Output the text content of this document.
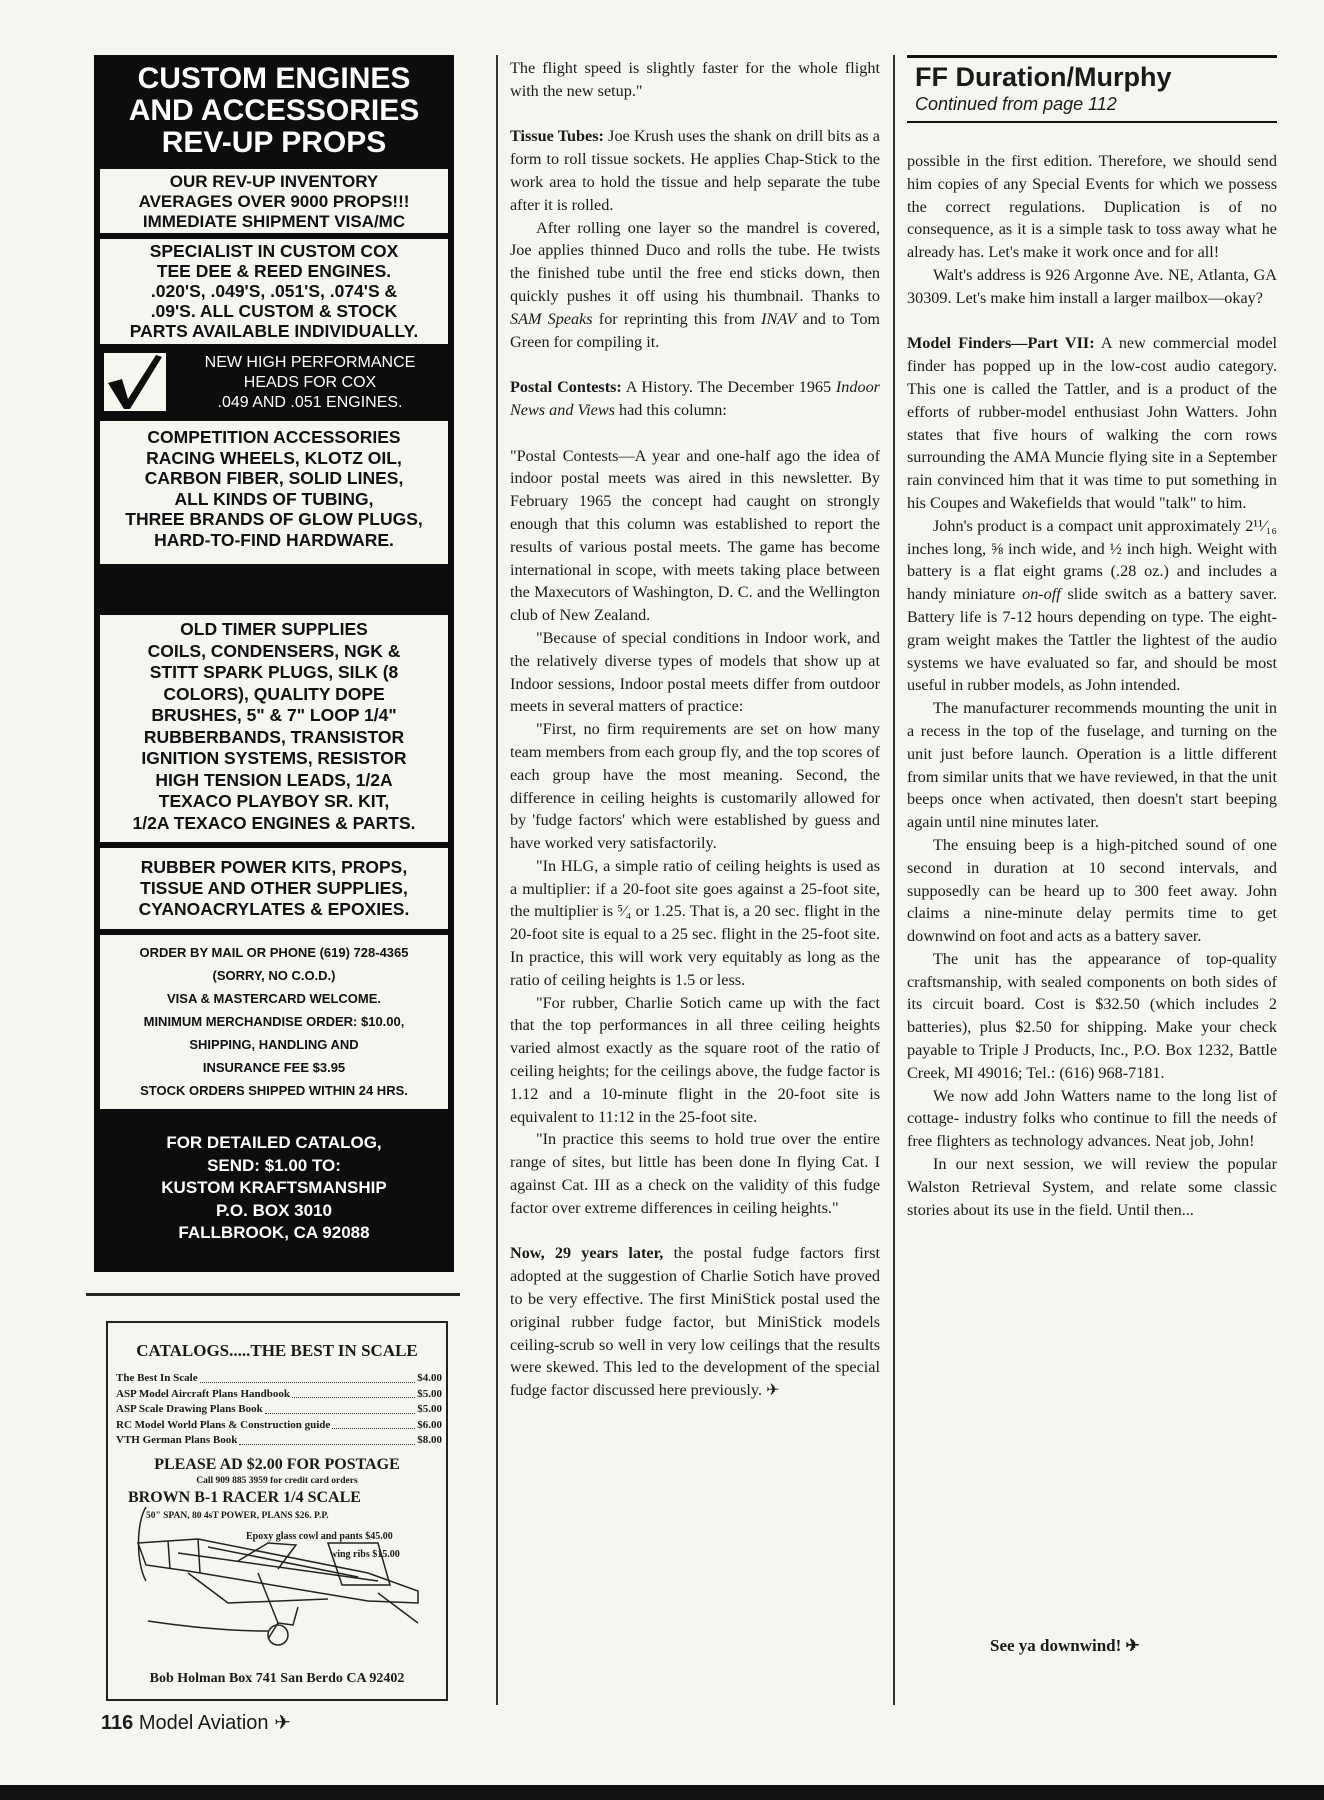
CUSTOM ENGINES
AND ACCESSORIES
REV-UP PROPS
OUR REV-UP INVENTORY
AVERAGES OVER 9000 PROPS!!!
IMMEDIATE SHIPMENT VISA/MC
SPECIALIST IN CUSTOM COX
TEE DEE & REED ENGINES.
.020'S, .049'S, .051'S, .074'S &
.09'S. ALL CUSTOM & STOCK
PARTS AVAILABLE INDIVIDUALLY.
NEW HIGH PERFORMANCE
HEADS FOR COX
.049 AND .051 ENGINES.
COMPETITION ACCESSORIES
RACING WHEELS, KLOTZ OIL,
CARBON FIBER, SOLID LINES,
ALL KINDS OF TUBING,
THREE BRANDS OF GLOW PLUGS,
HARD-TO-FIND HARDWARE.
OLD TIMER SUPPLIES
COILS, CONDENSERS, NGK &
STITT SPARK PLUGS, SILK (8
COLORS), QUALITY DOPE
BRUSHES, 5" & 7" LOOP 1/4"
RUBBERBANDS, TRANSISTOR
IGNITION SYSTEMS, RESISTOR
HIGH TENSION LEADS, 1/2A
TEXACO PLAYBOY SR. KIT,
1/2A TEXACO ENGINES & PARTS.
RUBBER POWER KITS, PROPS,
TISSUE AND OTHER SUPPLIES,
CYANOACRYLATES & EPOXIES.
ORDER BY MAIL OR PHONE (619) 728-4365
(SORRY, NO C.O.D.)
VISA & MASTERCARD WELCOME.
MINIMUM MERCHANDISE ORDER: $10.00,
SHIPPING, HANDLING AND
INSURANCE FEE $3.95
STOCK ORDERS SHIPPED WITHIN 24 HRS.
FOR DETAILED CATALOG,
SEND: $1.00 TO:
KUSTOM KRAFTSMANSHIP
P.O. BOX 3010
FALLBROOK, CA 92088
CATALOGS.....THE BEST IN SCALE
The Best In Scale	$4.00
ASP Model Aircraft Plans Handbook	$5.00
ASP Scale Drawing Plans Book	$5.00
RC Model World Plans & Construction guide	$6.00
VTH German Plans Book	$8.00
PLEASE AD $2.00 FOR POSTAGE
Call 909 885 3959 for credit card orders
BROWN B-1 RACER 1/4 SCALE
50" SPAN, 80 4sT POWER, PLANS $26. P.P.
Epoxy glass cowl and pants $45.00
wing ribs $15.00
Bob Holman Box 741 San Berdo CA 92402

The flight speed is slightly faster for the whole flight with the new setup."

Tissue Tubes: Joe Krush uses the shank on drill bits as a form to roll tissue sockets. He applies Chap-Stick to the work area to hold the tissue and help separate the tube after it is rolled.

After rolling one layer so the mandrel is covered, Joe applies thinned Duco and rolls the tube. He twists the finished tube until the free end sticks down, then quickly pushes it off using his thumbnail. Thanks to SAM Speaks for reprinting this from INAV and to Tom Green for compiling it.

Postal Contests: A History. The December 1965 Indoor News and Views had this column:

"Postal Contests—A year and one-half ago the idea of indoor postal meets was aired in this newsletter. By February 1965 the concept had caught on strongly enough that this column was established to report the results of various postal meets. The game has become international in scope, with meets taking place between the Maxecutors of Washington, D. C. and the Wellington club of New Zealand.

"Because of special conditions in Indoor work, and the relatively diverse types of models that show up at Indoor sessions, Indoor postal meets differ from outdoor meets in several matters of practice:

"First, no firm requirements are set on how many team members from each group fly, and the top scores of each group have the most meaning. Second, the difference in ceiling heights is customarily allowed for by 'fudge factors' which were established by guess and have worked very satisfactorily.

"In HLG, a simple ratio of ceiling heights is used as a multiplier: if a 20-foot site goes against a 25-foot site, the multiplier is ⁵⁄₄ or 1.25. That is, a 20 sec. flight in the 20-foot site is equal to a 25 sec. flight in the 25-foot site. In practice, this will work very equitably as long as the ratio of ceiling heights is 1.5 or less.

"For rubber, Charlie Sotich came up with the fact that the top performances in all three ceiling heights varied almost exactly as the square root of the ratio of ceiling heights; for the ceilings above, the fudge factor is 1.12 and a 10-minute flight in the 20-foot site is equivalent to 11:12 in the 25-foot site.

"In practice this seems to hold true over the entire range of sites, but little has been done In flying Cat. I against Cat. III as a check on the validity of this fudge factor over extreme differences in ceiling heights."

Now, 29 years later, the postal fudge factors first adopted at the suggestion of Charlie Sotich have proved to be very effective. The first MiniStick postal used the original rubber fudge factor, but MiniStick models ceiling-scrub so well in very low ceilings that the results were skewed. This led to the development of the special fudge factor discussed here previously. ✈

FF Duration/Murphy
Continued from page 112

possible in the first edition. Therefore, we should send him copies of any Special Events for which we possess the correct regulations. Duplication is of no consequence, as it is a simple task to toss away what he already has. Let's make it work once and for all!

Walt's address is 926 Argonne Ave. NE, Atlanta, GA 30309. Let's make him install a larger mailbox—okay?

Model Finders—Part VII: A new commercial model finder has popped up in the low-cost audio category. This one is called the Tattler, and is a product of the efforts of rubber-model enthusiast John Watters. John states that five hours of walking the corn rows surrounding the AMA Muncie flying site in a September rain convinced him that it was time to put something in his Coupes and Wakefields that would "talk" to him.

John's product is a compact unit approximately 2¹¹⁄₁₆ inches long, ⅝ inch wide, and ½ inch high. Weight with battery is a flat eight grams (.28 oz.) and includes a handy miniature on-off slide switch as a battery saver. Battery life is 7-12 hours depending on type. The eight-gram weight makes the Tattler the lightest of the audio systems we have evaluated so far, and should be most useful in rubber models, as John intended.

The manufacturer recommends mounting the unit in a recess in the top of the fuselage, and turning on the unit just before launch. Operation is a little different from similar units that we have reviewed, in that the unit beeps once when activated, then doesn't start beeping again until nine minutes later.

The ensuing beep is a high-pitched sound of one second in duration at 10 second intervals, and supposedly can be heard up to 300 feet away. John claims a nine-minute delay permits time to get downwind on foot and acts as a battery saver.

The unit has the appearance of top-quality craftsmanship, with sealed components on both sides of its circuit board. Cost is $32.50 (which includes 2 batteries), plus $2.50 for shipping. Make your check payable to Triple J Products, Inc., P.O. Box 1232, Battle Creek, MI 49016; Tel.: (616) 968-7181.

We now add John Watters name to the long list of cottage- industry folks who continue to fill the needs of free flighters as technology advances. Neat job, John!

In our next session, we will review the popular Walston Retrieval System, and relate some classic stories about its use in the field. Until then...

See ya downwind! ✈
116 Model Aviation ✈
